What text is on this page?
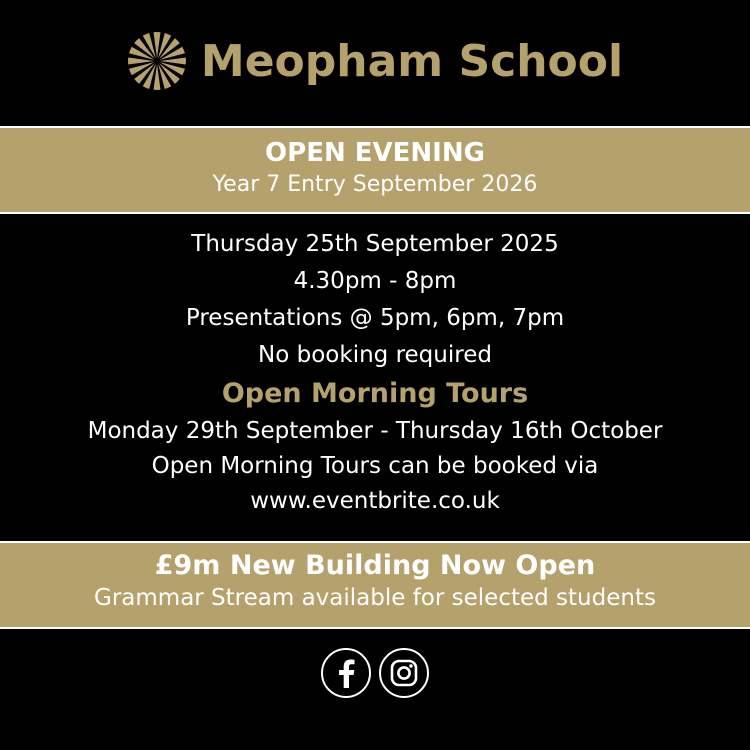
Meopham School
OPEN EVENING
Year 7 Entry September 2026
Thursday 25th September 2025
4.30pm - 8pm
Presentations @ 5pm, 6pm, 7pm
No booking required
Open Morning Tours
Monday 29th September - Thursday 16th October
Open Morning Tours can be booked via
www.eventbrite.co.uk
£9m New Building Now Open
Grammar Stream available for selected students
